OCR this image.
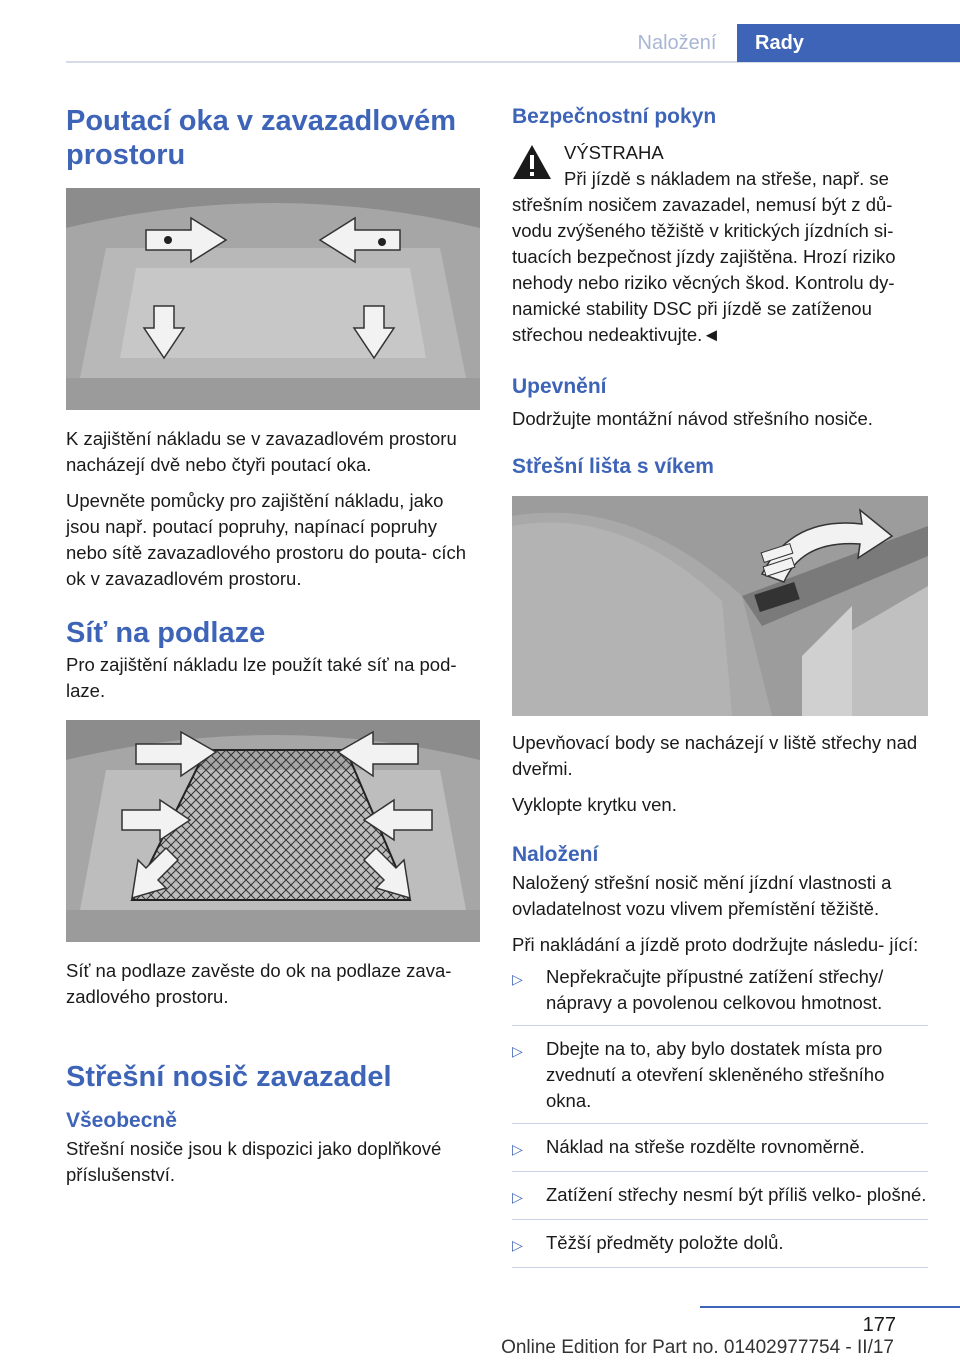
Naložení	Rady
Poutací oka v zavazadlovém prostoru

K zajištění nákladu se v zavazadlovém prostoru nacházejí dvě nebo čtyři poutací oka.

Upevněte pomůcky pro zajištění nákladu, jako jsou např. poutací popruhy, napínací popruhy nebo sítě zavazadlového prostoru do pouta- cích ok v zavazadlovém prostoru.

Síť na podlaze

Pro zajištění nákladu lze použít také síť na pod- laze.

Síť na podlaze zavěste do ok na podlaze zava- zadlového prostoru.

Střešní nosič zavazadel
Všeobecně

Střešní nosiče jsou k dispozici jako doplňkové příslušenství.

Bezpečnostní pokyn

VÝSTRAHA

Při jízdě s nákladem na střeše, např. se střešním nosičem zavazadel, nemusí být z dů- vodu zvýšeného těžiště v kritických jízdních si- tuacích bezpečnost jízdy zajištěna. Hrozí riziko nehody nebo riziko věcných škod. Kontrolu dy- namické stability DSC při jízdě se zatíženou střechou nedeaktivujte.◄

Upevnění

Dodržujte montážní návod střešního nosiče.

Střešní lišta s víkem

Upevňovací body se nacházejí v liště střechy nad dveřmi.

Vyklopte krytku ven.

Naložení

Naložený střešní nosič mění jízdní vlastnosti a ovladatelnost vozu vlivem přemístění těžiště.

Při nakládání a jízdě proto dodržujte následu- jící:

▷	Nepřekračujte přípustné zatížení střechy/ nápravy a povolenou celkovou hmotnost.
▷	Dbejte na to, aby bylo dostatek místa pro zvednutí a otevření skleněného střešního okna.
▷	Náklad na střeše rozdělte rovnoměrně.
▷	Zatížení střechy nesmí být příliš velko- plošné.
▷	Těžší předměty položte dolů.
177
Online Edition for Part no. 01402977754 - II/17
